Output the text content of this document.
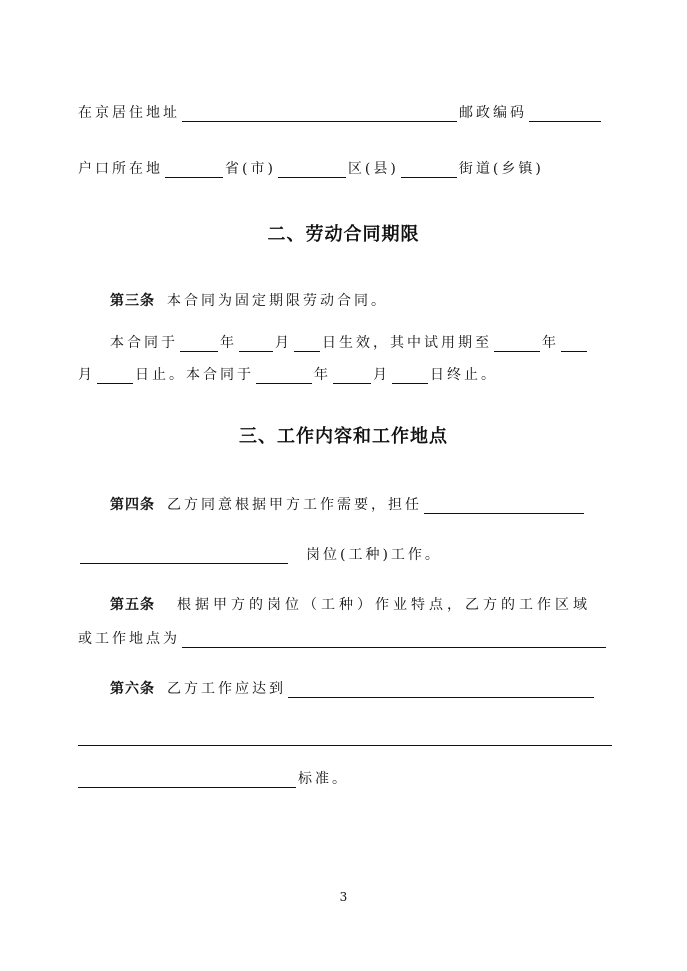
在京居住地址	邮政编码
户口所在地	省(市)	区(县)	街道(乡镇)
二、劳动合同期限
第三条 本合同为固定期限劳动合同。
本合同于	年	月 日生效，其中试用期至	年
月	日止。本合同于	年	月	日终止。
三、工作内容和工作地点
第四条 乙方同意根据甲方工作需要，担任
岗位(工种)工作。
第五条 根据甲方的岗位（工种）作业特点，乙方的工作区域
或工作地点为
第六条 乙方工作应达到
标准。
3
